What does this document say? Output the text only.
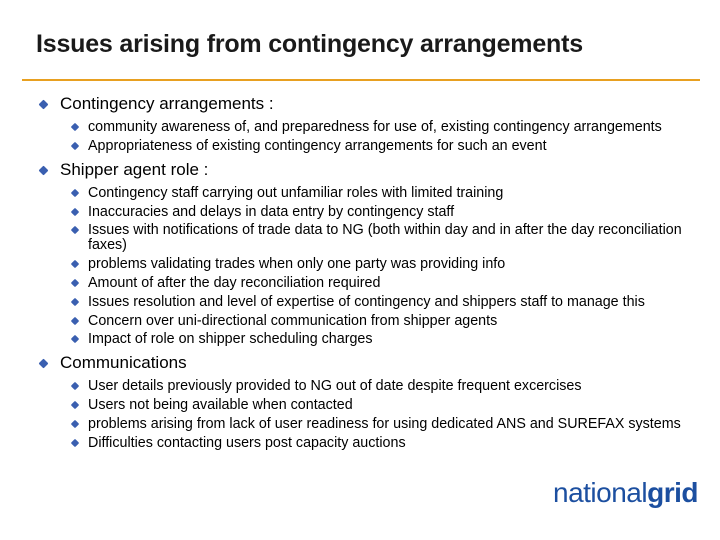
Issues arising from contingency arrangements
Contingency arrangements :
community awareness of, and preparedness for use of, existing contingency arrangements
Appropriateness of existing contingency arrangements for such an event
Shipper agent role :
Contingency staff carrying out unfamiliar roles with limited training
Inaccuracies and delays in data entry by contingency staff
Issues with notifications of trade data to NG (both within day and in after the day reconciliation faxes)
problems validating trades when only one party was providing info
Amount of after the day reconciliation required
Issues resolution and level of expertise of contingency and shippers staff to manage this
Concern over uni-directional communication from shipper agents
Impact of role on shipper scheduling charges
Communications
User details previously provided to NG out of date despite frequent excercises
Users not being available when contacted
problems arising from lack of user readiness for using dedicated ANS and SUREFAX systems
Difficulties contacting users post capacity auctions
nationalgrid
